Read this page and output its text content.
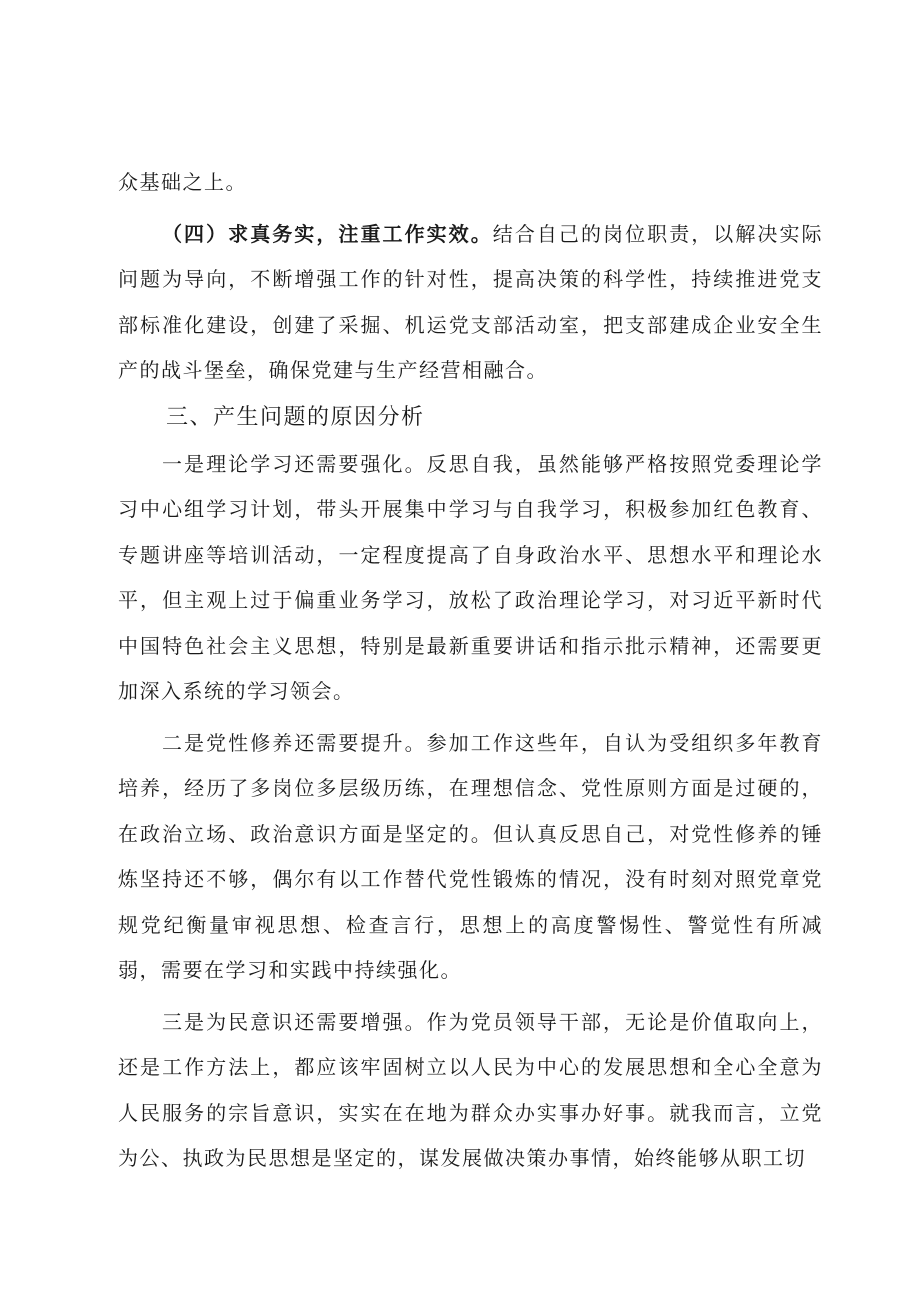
众基础之上。

（四）求真务实，注重工作实效。结合自己的岗位职责，以解决实际问题为导向，不断增强工作的针对性，提高决策的科学性，持续推进党支部标准化建设，创建了采掘、机运党支部活动室，把支部建成企业安全生产的战斗堡垒，确保党建与生产经营相融合。

三、产生问题的原因分析

一是理论学习还需要强化。反思自我，虽然能够严格按照党委理论学习中心组学习计划，带头开展集中学习与自我学习，积极参加红色教育、专题讲座等培训活动，一定程度提高了自身政治水平、思想水平和理论水平，但主观上过于偏重业务学习，放松了政治理论学习，对习近平新时代中国特色社会主义思想，特别是最新重要讲话和指示批示精神，还需要更加深入系统的学习领会。

二是党性修养还需要提升。参加工作这些年，自认为受组织多年教育培养，经历了多岗位多层级历练，在理想信念、党性原则方面是过硬的，在政治立场、政治意识方面是坚定的。但认真反思自己，对党性修养的锤炼坚持还不够，偶尔有以工作替代党性锻炼的情况，没有时刻对照党章党规党纪衡量审视思想、检查言行，思想上的高度警惕性、警觉性有所减弱，需要在学习和实践中持续强化。

三是为民意识还需要增强。作为党员领导干部，无论是价值取向上，还是工作方法上，都应该牢固树立以人民为中心的发展思想和全心全意为人民服务的宗旨意识，实实在在地为群众办实事办好事。就我而言，立党为公、执政为民思想是坚定的，谋发展做决策办事情，始终能够从职工切
